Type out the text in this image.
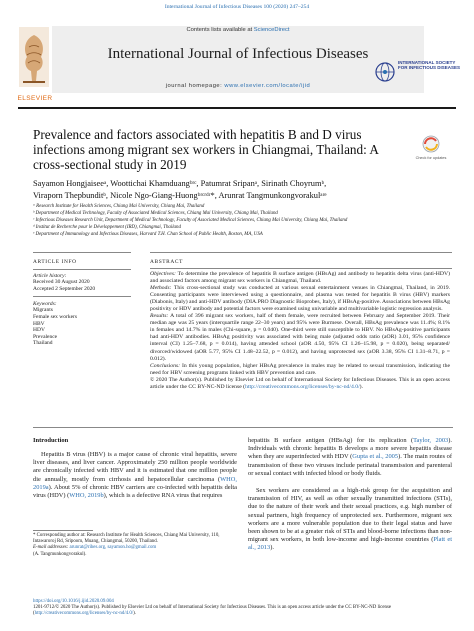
International Journal of Infectious Diseases 100 (2020) 247–254
Contents lists available at ScienceDirect
International Journal of Infectious Diseases
journal homepage: www.elsevier.com/locate/ijid
ELSEVIER
INTERNATIONAL SOCIETY FOR INFECTIOUS DISEASES
Prevalence and factors associated with hepatitis B and D virus infections among migrant sex workers in Chiangmai, Thailand: A cross-sectional study in 2019	Check for updates
Sayamon Hongjaiseeᵃ, Woottichai Khamduangᵇʳᶜ, Patumrat Sripanᵃ, Sirinath Choyrumᵇ,
Viraporn Thepbunditᵇ, Nicole Ngo-Giang-Huongᵇʳᶜʳᵈʳ*, Arunrat Tangmunkongvorakulᵃʳᵉ
ᵃ Research Institute for Health Sciences, Chiang Mai University, Chiang Mai, Thailand
ᵇ Department of Medical Technology, Faculty of Associated Medical Sciences, Chiang Mai University, Chiang Mai, Thailand
ᶜ Infectious Diseases Research Unit, Department of Medical Technology, Faculty of Associated Medical Sciences, Chiang Mai University, Chiang Mai, Thailand
ᵈ Institut de Recherche pour le Développement (IRD), Chiangmai, Thailand
ᵉ Department of Immunology and Infectious Diseases, Harvard T.H. Chan School of Public Health, Boston, MA, USA
ARTICLE INFO
Article history:
Received 30 August 2020
Accepted 2 September 2020
Keywords:
Migrants
Female sex workers
HBV
HDV
Prevalence
Thailand
ABSTRACT

Objectives: To determine the prevalence of hepatitis B surface antigen (HBsAg) and antibody to hepatitis delta virus (anti-HDV) and associated factors among migrant sex workers in Chiangmai, Thailand.

Methods: This cross-sectional study was conducted at various sexual entertainment venues in Chiangmai, Thailand, in 2019. Consenting participants were interviewed using a questionnaire, and plasma was tested for hepatitis B virus (HBV) markers (Diabonis, Italy) and anti-HDV antibody (DIA.PRO Diagnostic Bioprobes, Italy), if HBsAg-positive. Associations between HBsAg positivity or HDV antibody and potential factors were examined using univariable and multivariable logistic regression analysis.

Results: A total of 396 migrant sex workers, half of them female, were recruited between February and September 2019. Their median age was 25 years (interquartile range 22–30 years) and 95% were Burmese. Overall, HBsAg prevalence was 11.4%; 8.1% in females and 14.7% in males (Chi-square, p = 0.040). One-third were still susceptible to HBV. No HBsAg-positive participants had anti-HDV antibodies. HBsAg positivity was associated with being male (adjusted odds ratio (aOR) 3.01, 95% confidence interval (CI) 1.25–7.68, p = 0.014), having attended school (aOR 4.50, 95% CI 1.26–15.98, p = 0.020), being separated/ divorced/widowed (aOR 5.77, 95% CI 1.48–22.52, p = 0.012), and having unprotected sex (aOR 3.38, 95% CI 1.31–8.71, p = 0.012).

Conclusions: In this young population, higher HBsAg prevalence in males may be related to sexual transmission, indicating the need for HBV screening programs linked with HBV prevention and care.

© 2020 The Author(s). Published by Elsevier Ltd on behalf of International Society for Infectious Diseases. This is an open access article under the CC BY-NC-ND license (http://creativecommons.org/licenses/by-nc-nd/4.0/).

Introduction
Hepatitis B virus (HBV) is a major cause of chronic viral hepatitis, severe liver diseases, and liver cancer. Approximately 250 million people worldwide are chronically infected with HBV and it is estimated that one million people die annually, mostly from cirrhosis and hepatocellular carcinoma (WHO, 2019a). About 5% of chronic HBV carriers are co-infected with hepatitis delta virus (HDV) (WHO, 2019b), which is a defective RNA virus that requires
hepatitis B surface antigen (HBsAg) for its replication (Taylor, 2003). Individuals with chronic hepatitis B develops a more severe hepatitis disease when they are superinfected with HDV (Gupta et al., 2005). The main routes of transmission of these two viruses include perinatal transmission and parenteral or sexual contact with infected blood or body fluids.
Sex workers are considered as a high-risk group for the acquisition and transmission of HIV, as well as other sexually transmitted infections (STIs), due to the nature of their work and their sexual practices, e.g. high number of sexual partners, high frequency of unprotected sex. Furthermore, migrant sex workers are a more vulnerable population due to their legal status and have been shown to be at a greater risk of STIs and blood-borne infections than non-migrant sex workers, in both low-income and high-income countries (Platt et al., 2013).
* Corresponding author at: Research Institute for Health Sciences, Chiang Mai University, 110, Intawaroroj Rd, Sripoom, Muang, Chiangmai, 50200, Thailand.
E-mail addresses: arunrat@rihes.org, sayamon.ho@gmail.com
(A. Tangmunkongvorakul).
https://doi.org/10.1016/j.ijid.2020.09.004
1201-9712/© 2020 The Author(s). Published by Elsevier Ltd on behalf of International Society for Infectious Diseases. This is an open access article under the CC BY-NC-ND license (http://creativecommons.org/licenses/by-nc-nd/4.0/).
